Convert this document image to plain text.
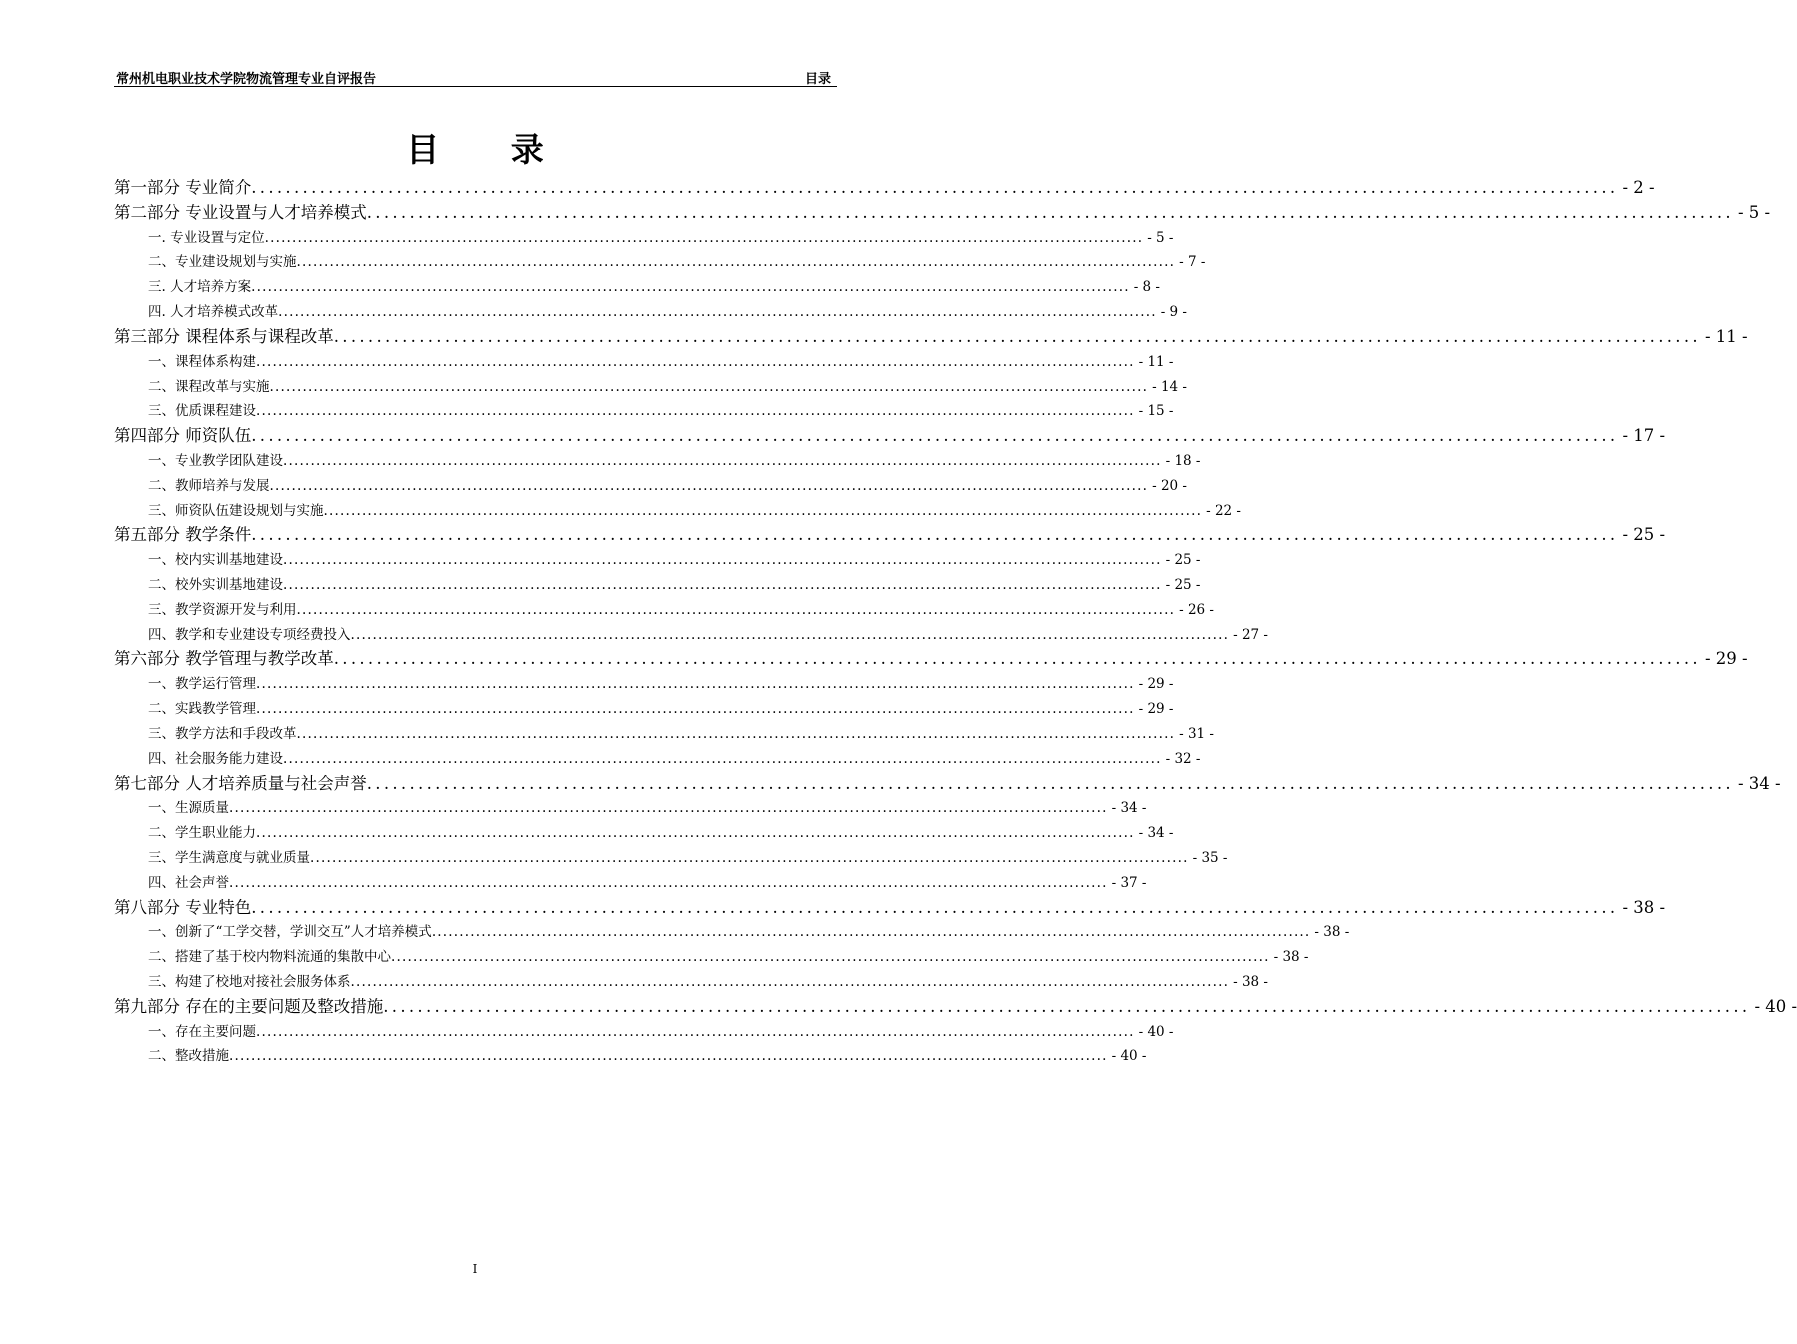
常州机电职业技术学院物流管理专业自评报告	目录
目 录
第一部分 专业简介 ................................................................................................................................................................ - 2 -
第二部分 专业设置与人才培养模式 ................................................................................................................................................................ - 5 -
一. 专业设置与定位 ................................................................................................................................................................ - 5 -
二、专业建设规划与实施 ................................................................................................................................................................ - 7 -
三. 人才培养方案 ................................................................................................................................................................ - 8 -
四. 人才培养模式改革 ................................................................................................................................................................ - 9 -
第三部分 课程体系与课程改革 ................................................................................................................................................................ - 11 -
一、课程体系构建 ................................................................................................................................................................ - 11 -
二、课程改革与实施 ................................................................................................................................................................ - 14 -
三、优质课程建设 ................................................................................................................................................................ - 15 -
第四部分 师资队伍 ................................................................................................................................................................ - 17 -
一、专业教学团队建设 ................................................................................................................................................................ - 18 -
二、教师培养与发展 ................................................................................................................................................................ - 20 -
三、师资队伍建设规划与实施 ................................................................................................................................................................ - 22 -
第五部分 教学条件 ................................................................................................................................................................ - 25 -
一、校内实训基地建设 ................................................................................................................................................................ - 25 -
二、校外实训基地建设 ................................................................................................................................................................ - 25 -
三、教学资源开发与利用 ................................................................................................................................................................ - 26 -
四、教学和专业建设专项经费投入 ................................................................................................................................................................ - 27 -
第六部分 教学管理与教学改革 ................................................................................................................................................................ - 29 -
一、教学运行管理 ................................................................................................................................................................ - 29 -
二、实践教学管理 ................................................................................................................................................................ - 29 -
三、教学方法和手段改革 ................................................................................................................................................................ - 31 -
四、社会服务能力建设 ................................................................................................................................................................ - 32 -
第七部分 人才培养质量与社会声誉 ................................................................................................................................................................ - 34 -
一、生源质量 ................................................................................................................................................................ - 34 -
二、学生职业能力 ................................................................................................................................................................ - 34 -
三、学生满意度与就业质量 ................................................................................................................................................................ - 35 -
四、社会声誉 ................................................................................................................................................................ - 37 -
第八部分 专业特色 ................................................................................................................................................................ - 38 -
一、创新了“工学交替，学训交互”人才培养模式 ................................................................................................................................................................ - 38 -
二、搭建了基于校内物料流通的集散中心 ................................................................................................................................................................ - 38 -
三、构建了校地对接社会服务体系 ................................................................................................................................................................ - 38 -
第九部分 存在的主要问题及整改措施 ................................................................................................................................................................ - 40 -
一、存在主要问题 ................................................................................................................................................................ - 40 -
二、整改措施 ................................................................................................................................................................ - 40 -
I
